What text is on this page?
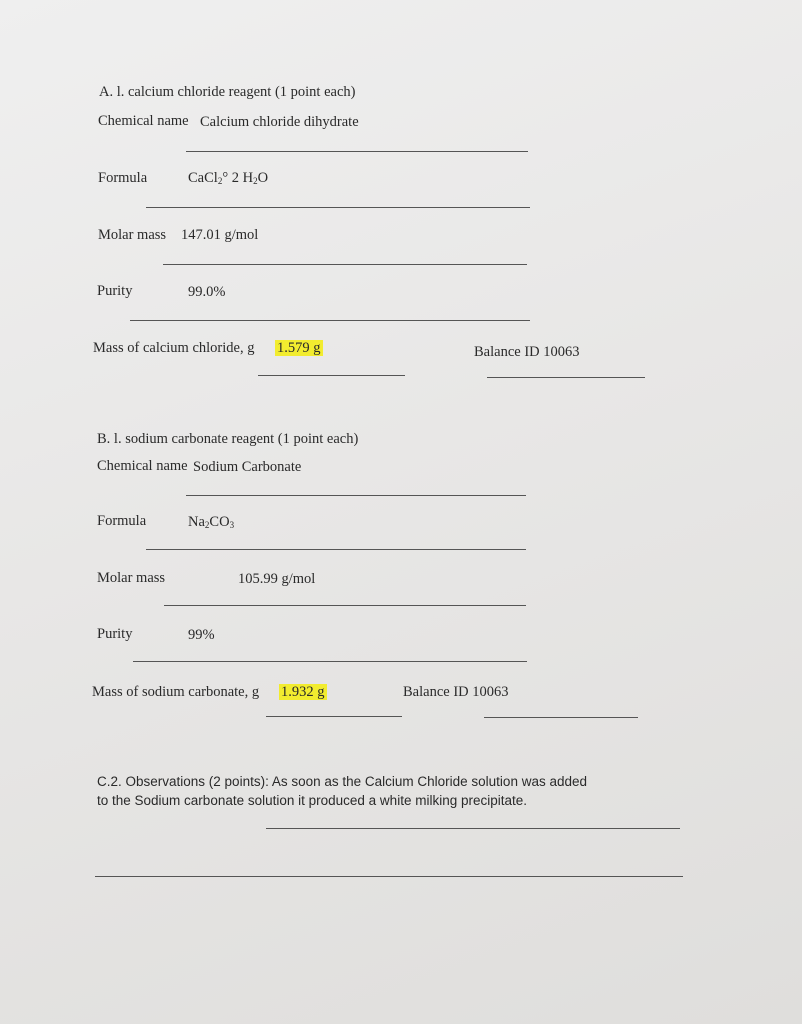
A. l. calcium chloride reagent (1 point each)
Chemical name Calcium chloride dihydrate
Formula	CaCl$_2$° 2 $H_2O$
Molar mass 147.01 g/mol
Purity	99.0%
Mass of calcium chloride, g 1.579 g	Balance ID 10063
B. l. sodium carbonate reagent (1 point each)
Chemical name Sodium Carbonate
Formula	$Na_2CO_3$
Molar mass	105.99 g/mol
Purity	99%
Mass of sodium carbonate, g 1.932 g	Balance ID 10063
C.2. Observations (2 points): As soon as the Calcium Chloride solution was added
to the Sodium carbonate solution it produced a white milking precipitate.
